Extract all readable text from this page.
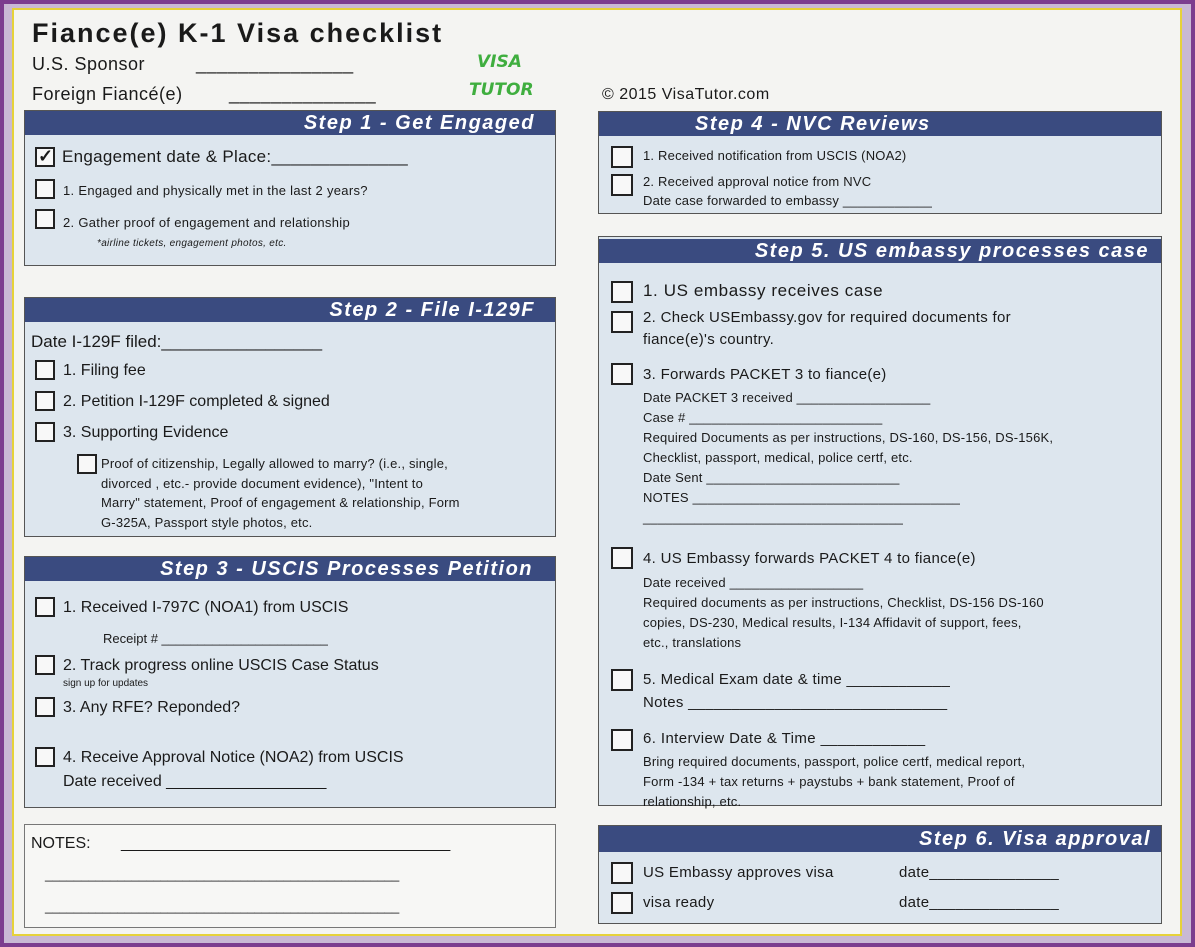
Fiance(e) K-1 Visa checklist
U.S. Sponsor	_______________
Foreign Fiancé(e)	______________
VISA
TUTOR	© 2015 VisaTutor.com
Step 1 - Get Engaged
✓ Engagement date & Place:______________
1. Engaged and physically met in the last 2 years?
2. Gather proof of engagement and relationship
*airline tickets, engagement photos, etc.
Step 2 - File I-129F
Date I-129F filed:_________________
1. Filing fee
2. Petition I-129F completed & signed
3. Supporting Evidence
Proof of citizenship, Legally allowed to marry? (i.e., single,
divorced , etc.- provide document evidence), "Intent to
Marry" statement, Proof of engagement & relationship, Form
G-325A, Passport style photos, etc.
Step 3 - USCIS Processes Petition
1. Received I-797C (NOA1) from USCIS
Receipt # _______________________
2. Track progress online USCIS Case Status
sign up for updates
3. Any RFE? Reponded?
4. Receive Approval Notice (NOA2) from USCIS
Date received __________________
NOTES: _____________________________________
_________________________________________________
_________________________________________________
Step 4 - NVC Reviews
1. Received notification from USCIS (NOA2)
2. Received approval notice from NVC
Date case forwarded to embassy ____________
Step 5. US embassy processes case
1. US embassy receives case
2. Check USEmbassy.gov for required documents for
fiance(e)'s country.
3. Forwards PACKET 3 to fiance(e)
Date PACKET 3 received __________________
Case # __________________________
Required Documents as per instructions, DS-160, DS-156, DS-156K,
Checklist, passport, medical, police certf, etc.
Date Sent __________________________
NOTES ____________________________________
___________________________________
4. US Embassy forwards PACKET 4 to fiance(e)
Date received __________________
Required documents as per instructions, Checklist, DS-156 DS-160
copies, DS-230, Medical results, I-134 Affidavit of support, fees,
etc., translations
5. Medical Exam date & time ____________
Notes ______________________________
6. Interview Date & Time ____________
Bring required documents, passport, police certf, medical report,
Form -134 + tax returns + paystubs + bank statement, Proof of
relationship, etc.
Step 6. Visa approval
US Embassy approves visa	date_______________
visa ready	date_______________
